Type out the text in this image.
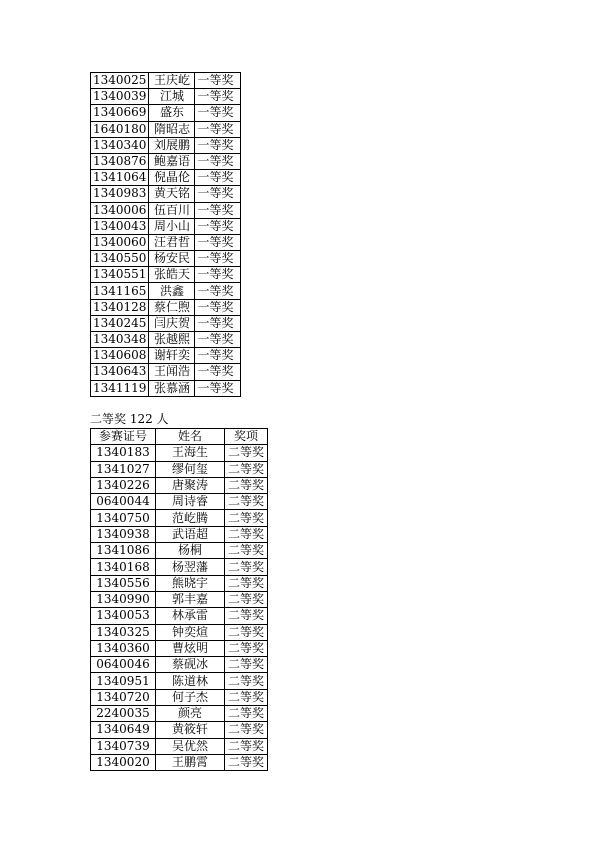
1340025	王庆屹	一等奖
1340039	江城	一等奖
1340669	盛东	一等奖
1640180	隋昭志	一等奖
1340340	刘展鹏	一等奖
1340876	鲍嘉语	一等奖
1341064	倪晶伦	一等奖
1340983	黄天铭	一等奖
1340006	伍百川	一等奖
1340043	周小山	一等奖
1340060	汪君哲	一等奖
1340550	杨安民	一等奖
1340551	张皓天	一等奖
1341165	洪鑫	一等奖
1340128	蔡仁煦	一等奖
1340245	闫庆贺	一等奖
1340348	张越熙	一等奖
1340608	谢轩奕	一等奖
1340643	王闻浩	一等奖
1341119	张慕涵	一等奖
二等奖 122 人
参赛证号	姓名	奖项
1340183	王海生	二等奖
1341027	缪何玺	二等奖
1340226	唐聚涛	二等奖
0640044	周诗睿	二等奖
1340750	范屹腾	二等奖
1340938	武语超	二等奖
1341086	杨桐	二等奖
1340168	杨翌藩	二等奖
1340556	熊晓宇	二等奖
1340990	郭丰嘉	二等奖
1340053	林承雷	二等奖
1340325	钟奕煊	二等奖
1340360	曹炫明	二等奖
0640046	蔡砚冰	二等奖
1340951	陈道林	二等奖
1340720	何子杰	二等奖
2240035	颜亮	二等奖
1340649	黄筱轩	二等奖
1340739	吴优然	二等奖
1340020	王鹏霄	二等奖
